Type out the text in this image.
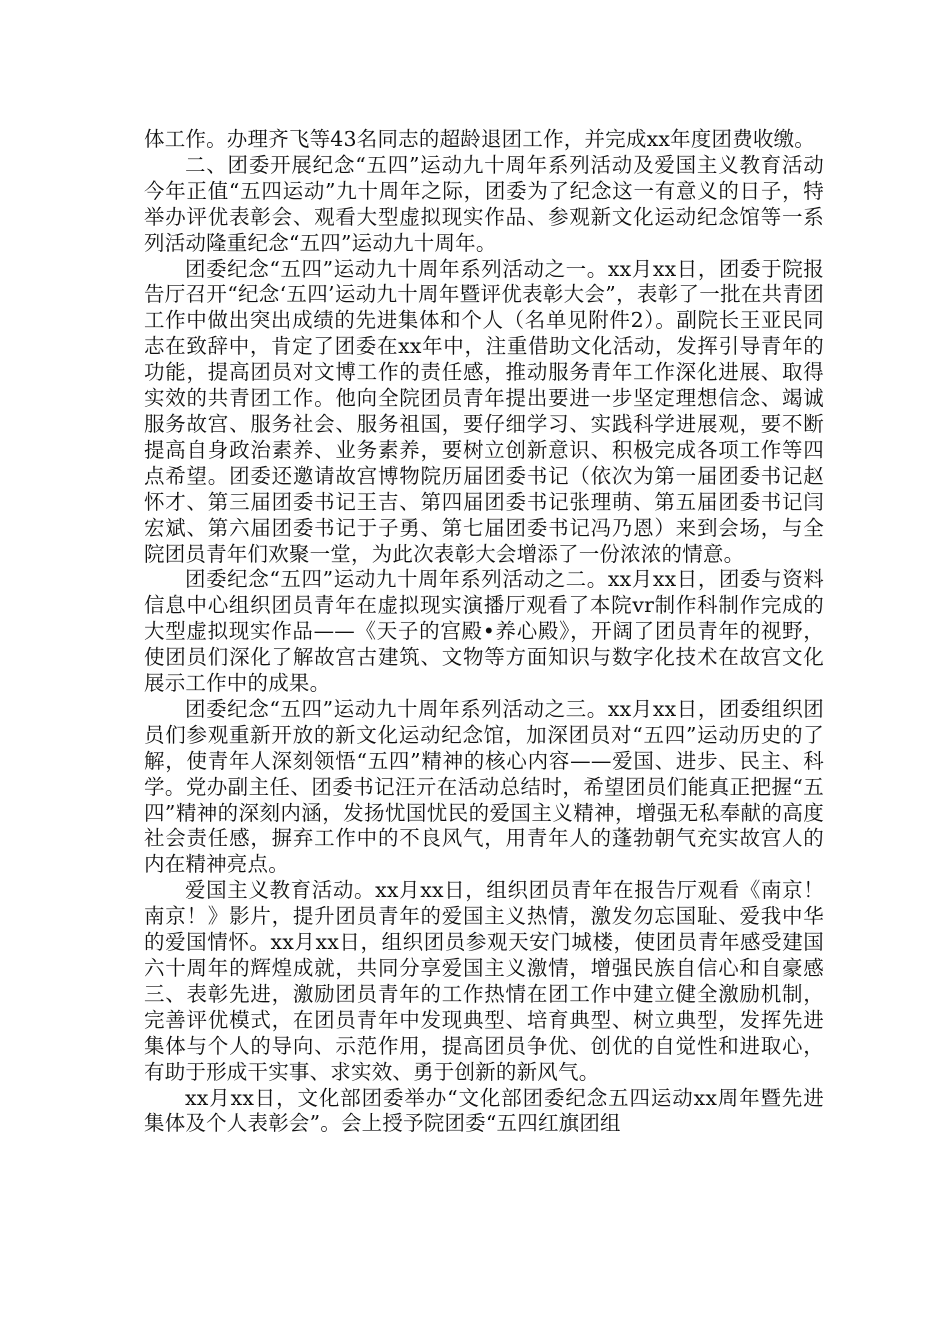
体工作。办理齐飞等43名同志的超龄退团工作，并完成xx年度团费收缴。

二、团委开展纪念“五四”运动九十周年系列活动及爱国主义教育活动 今年正值“五四运动”九十周年之际，团委为了纪念这一有意义的日子，特举办评优表彰会、观看大型虚拟现实作品、参观新文化运动纪念馆等一系列活动隆重纪念“五四”运动九十周年。

团委纪念“五四”运动九十周年系列活动之一。xx月xx日，团委于院报告厅召开“纪念‘五四’运动九十周年暨评优表彰大会”，表彰了一批在共青团工作中做出突出成绩的先进集体和个人（名单见附件2）。副院长王亚民同志在致辞中，肯定了团委在xx年中，注重借助文化活动，发挥引导青年的功能，提高团员对文博工作的责任感，推动服务青年工作深化进展、取得实效的共青团工作。他向全院团员青年提出要进一步坚定理想信念、竭诚服务故宫、服务社会、服务祖国，要仔细学习、实践科学进展观，要不断提高自身政治素养、业务素养，要树立创新意识、积极完成各项工作等四点希望。团委还邀请故宫博物院历届团委书记（依次为第一届团委书记赵怀才、第三届团委书记王吉、第四届团委书记张理萌、第五届团委书记闫宏斌、第六届团委书记于子勇、第七届团委书记冯乃恩）来到会场，与全院团员青年们欢聚一堂，为此次表彰大会增添了一份浓浓的情意。

团委纪念“五四”运动九十周年系列活动之二。xx月xx日，团委与资料信息中心组织团员青年在虚拟现实演播厅观看了本院vr制作科制作完成的大型虚拟现实作品——《天子的宫殿•养心殿》，开阔了团员青年的视野，使团员们深化了解故宫古建筑、文物等方面知识与数字化技术在故宫文化展示工作中的成果。

团委纪念“五四”运动九十周年系列活动之三。xx月xx日，团委组织团员们参观重新开放的新文化运动纪念馆，加深团员对“五四”运动历史的了解，使青年人深刻领悟“五四”精神的核心内容——爱国、进步、民主、科学。党办副主任、团委书记汪亓在活动总结时，希望团员们能真正把握“五四”精神的深刻内涵，发扬忧国忧民的爱国主义精神，增强无私奉献的高度社会责任感，摒弃工作中的不良风气，用青年人的蓬勃朝气充实故宫人的内在精神亮点。

爱国主义教育活动。xx月xx日，组织团员青年在报告厅观看《南京！南京！》影片，提升团员青年的爱国主义热情，激发勿忘国耻、爱我中华的爱国情怀。xx月xx日，组织团员参观天安门城楼，使团员青年感受建国六十周年的辉煌成就，共同分享爱国主义激情，增强民族自信心和自豪感 三、表彰先进，激励团员青年的工作热情在团工作中建立健全激励机制，完善评优模式，在团员青年中发现典型、培育典型、树立典型，发挥先进集体与个人的导向、示范作用，提高团员争优、创优的自觉性和进取心，有助于形成干实事、求实效、勇于创新的新风气。

xx月xx日，文化部团委举办“文化部团委纪念五四运动xx周年暨先进集体及个人表彰会”。会上授予院团委“五四红旗团组
